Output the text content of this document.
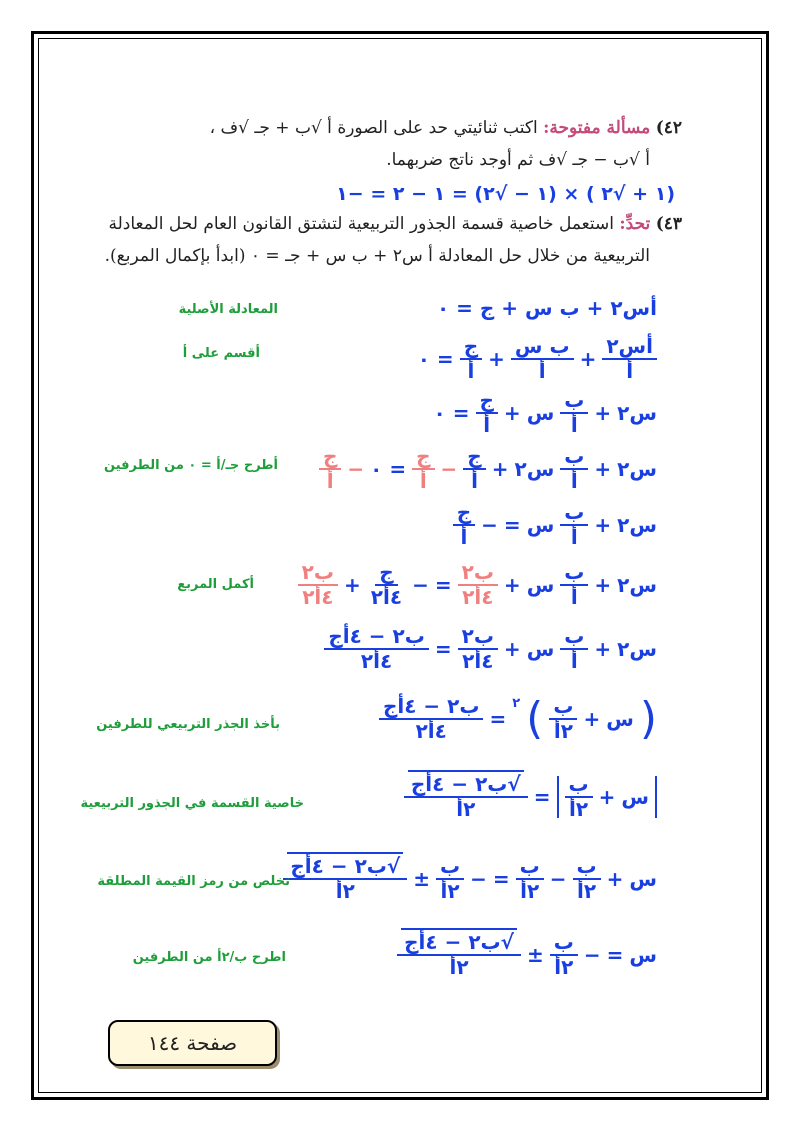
٤٢) مسألة مفتوحة: اكتب ثنائيتي حد على الصورة أ √ب + جـ √ف ،
أ √ب − جـ √ف ثم أوجد ناتج ضربهما.
(١ + √٢ ) × (١ − √٢) = ١ − ٢ = −١
٤٣) تحدِّ: استعمل خاصية قسمة الجذور التربيعية لتشتق القانون العام لحل المعادلة
التربيعية من خلال حل المعادلة أ س٢ + ب س + جـ = ٠ (ابدأ بإكمال المربع).
أس٢ + ب س + ج = ٠
المعادلة الأصلية
$\frac{\text{أس٢}}{\text{أ}}$
+
$\frac{\text{ب س}}{\text{أ}}$
+
$\frac{\text{ج}}{\text{أ}}$
= ٠
أقسم على أ
س٢
+
$\frac{\text{ب}}{\text{أ}}$
س
+
$\frac{\text{ج}}{\text{أ}}$
= ٠
س٢
+
$\frac{\text{ب}}{\text{أ}}$
س٢
+
$\frac{\text{ج}}{\text{أ}}$
−
$\frac{\text{ج}}{\text{أ}}$
= ٠
−
$\frac{\text{ج}}{\text{أ}}$
أطرح جـ/أ = ٠ من الطرفين
س٢
+
$\frac{\text{ب}}{\text{أ}}$
س
=
−
$\frac{\text{ج}}{\text{أ}}$
س٢
+
$\frac{\text{ب}}{\text{أ}}$
س
+
$\frac{\text{ب٢}}{\text{٤أ٢}}$
=
−
$\frac{\text{ج}}{\text{٤أ٢}}$
+
$\frac{\text{ب٢}}{\text{٤أ٢}}$
أكمل المربع
س٢
+
$\frac{\text{ب}}{\text{أ}}$
س
+
$\frac{\text{ب٢}}{\text{٤أ٢}}$
=
$\frac{\text{ب٢ − ٤أج}}{\text{٤أ٢}}$
(
س
+
$\frac{\text{ب}}{\text{٢أ}}$
)
٢
=
$\frac{\text{ب٢ − ٤أج}}{\text{٤أ٢}}$
بأخذ الجذر التربيعي للطرفين
س
+
$\frac{\text{ب}}{\text{٢أ}}$
=
$\frac{\text{√ب٢ − ٤أج}}{\text{٢أ}}$
خاصية القسمة في الجذور التربيعية
س
+
$\frac{\text{ب}}{\text{٢أ}}$
−
$\frac{\text{ب}}{\text{٢أ}}$
=
−
$\frac{\text{ب}}{\text{٢أ}}$
±
$\frac{\text{√ب٢ − ٤أج}}{\text{٢أ}}$
تخلص من رمز القيمة المطلقة
س
=
−
$\frac{\text{ب}}{\text{٢أ}}$
±
$\frac{\text{√ب٢ − ٤أج}}{\text{٢أ}}$
اطرح ب/٢أ من الطرفين
صفحة ١٤٤
